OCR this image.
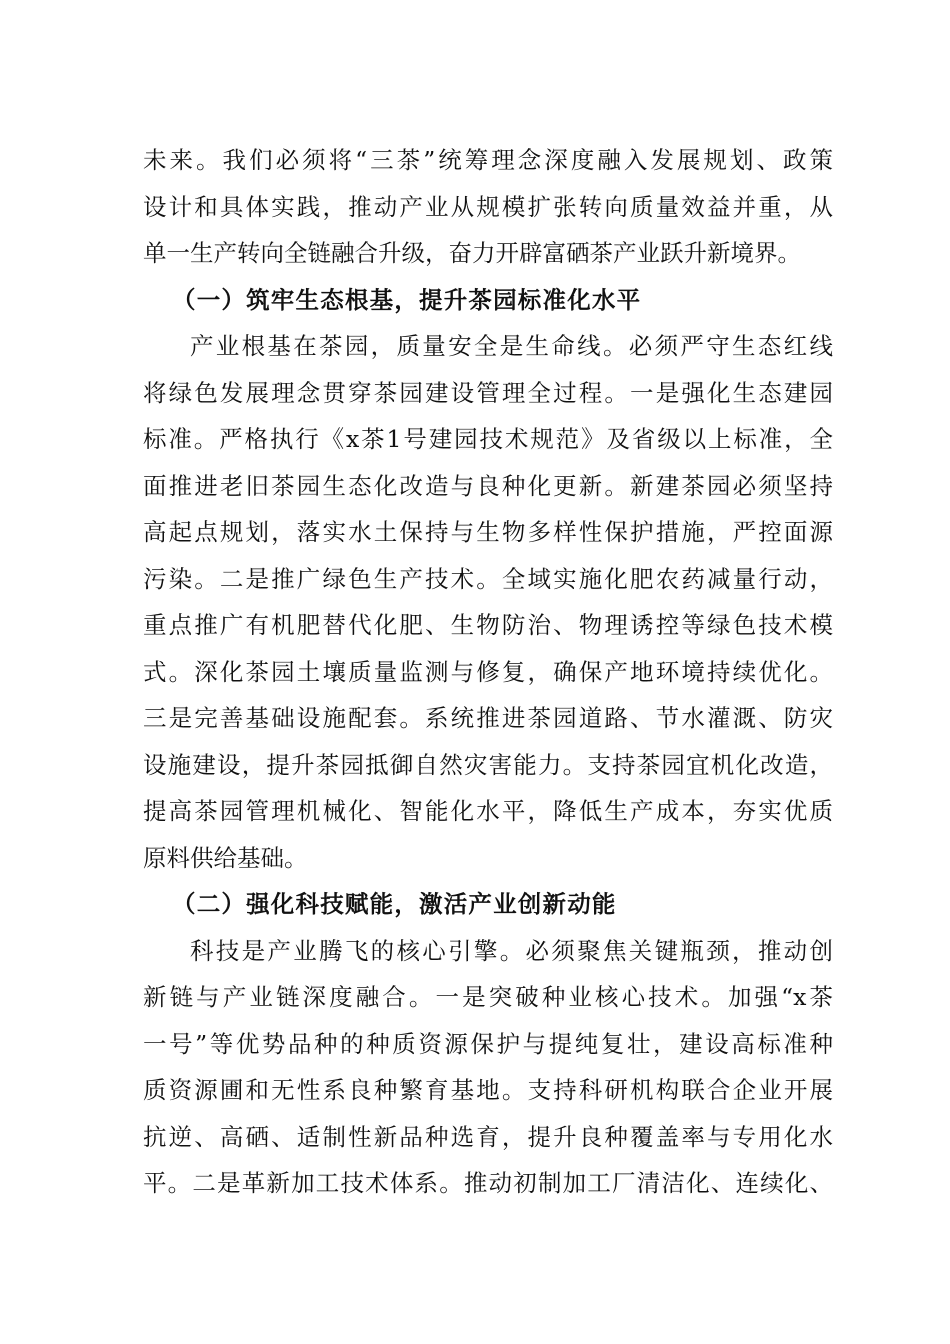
未来。我们必须将“三茶”统筹理念深度融入发展规划、政策
设计和具体实践，推动产业从规模扩张转向质量效益并重，从
单一生产转向全链融合升级，奋力开辟富硒茶产业跃升新境界。
（一）筑牢生态根基，提升茶园标准化水平
产业根基在茶园，质量安全是生命线。必须严守生态红线
将绿色发展理念贯穿茶园建设管理全过程。一是强化生态建园
标准。严格执行《x茶1号建园技术规范》及省级以上标准，全
面推进老旧茶园生态化改造与良种化更新。新建茶园必须坚持
高起点规划，落实水土保持与生物多样性保护措施，严控面源
污染。二是推广绿色生产技术。全域实施化肥农药减量行动，
重点推广有机肥替代化肥、生物防治、物理诱控等绿色技术模
式。深化茶园土壤质量监测与修复，确保产地环境持续优化。
三是完善基础设施配套。系统推进茶园道路、节水灌溉、防灾
设施建设，提升茶园抵御自然灾害能力。支持茶园宜机化改造，
提高茶园管理机械化、智能化水平，降低生产成本，夯实优质
原料供给基础。
（二）强化科技赋能，激活产业创新动能
科技是产业腾飞的核心引擎。必须聚焦关键瓶颈，推动创
新链与产业链深度融合。一是突破种业核心技术。加强“x茶
一号”等优势品种的种质资源保护与提纯复壮，建设高标准种
质资源圃和无性系良种繁育基地。支持科研机构联合企业开展
抗逆、高硒、适制性新品种选育，提升良种覆盖率与专用化水
平。二是革新加工技术体系。推动初制加工厂清洁化、连续化、
